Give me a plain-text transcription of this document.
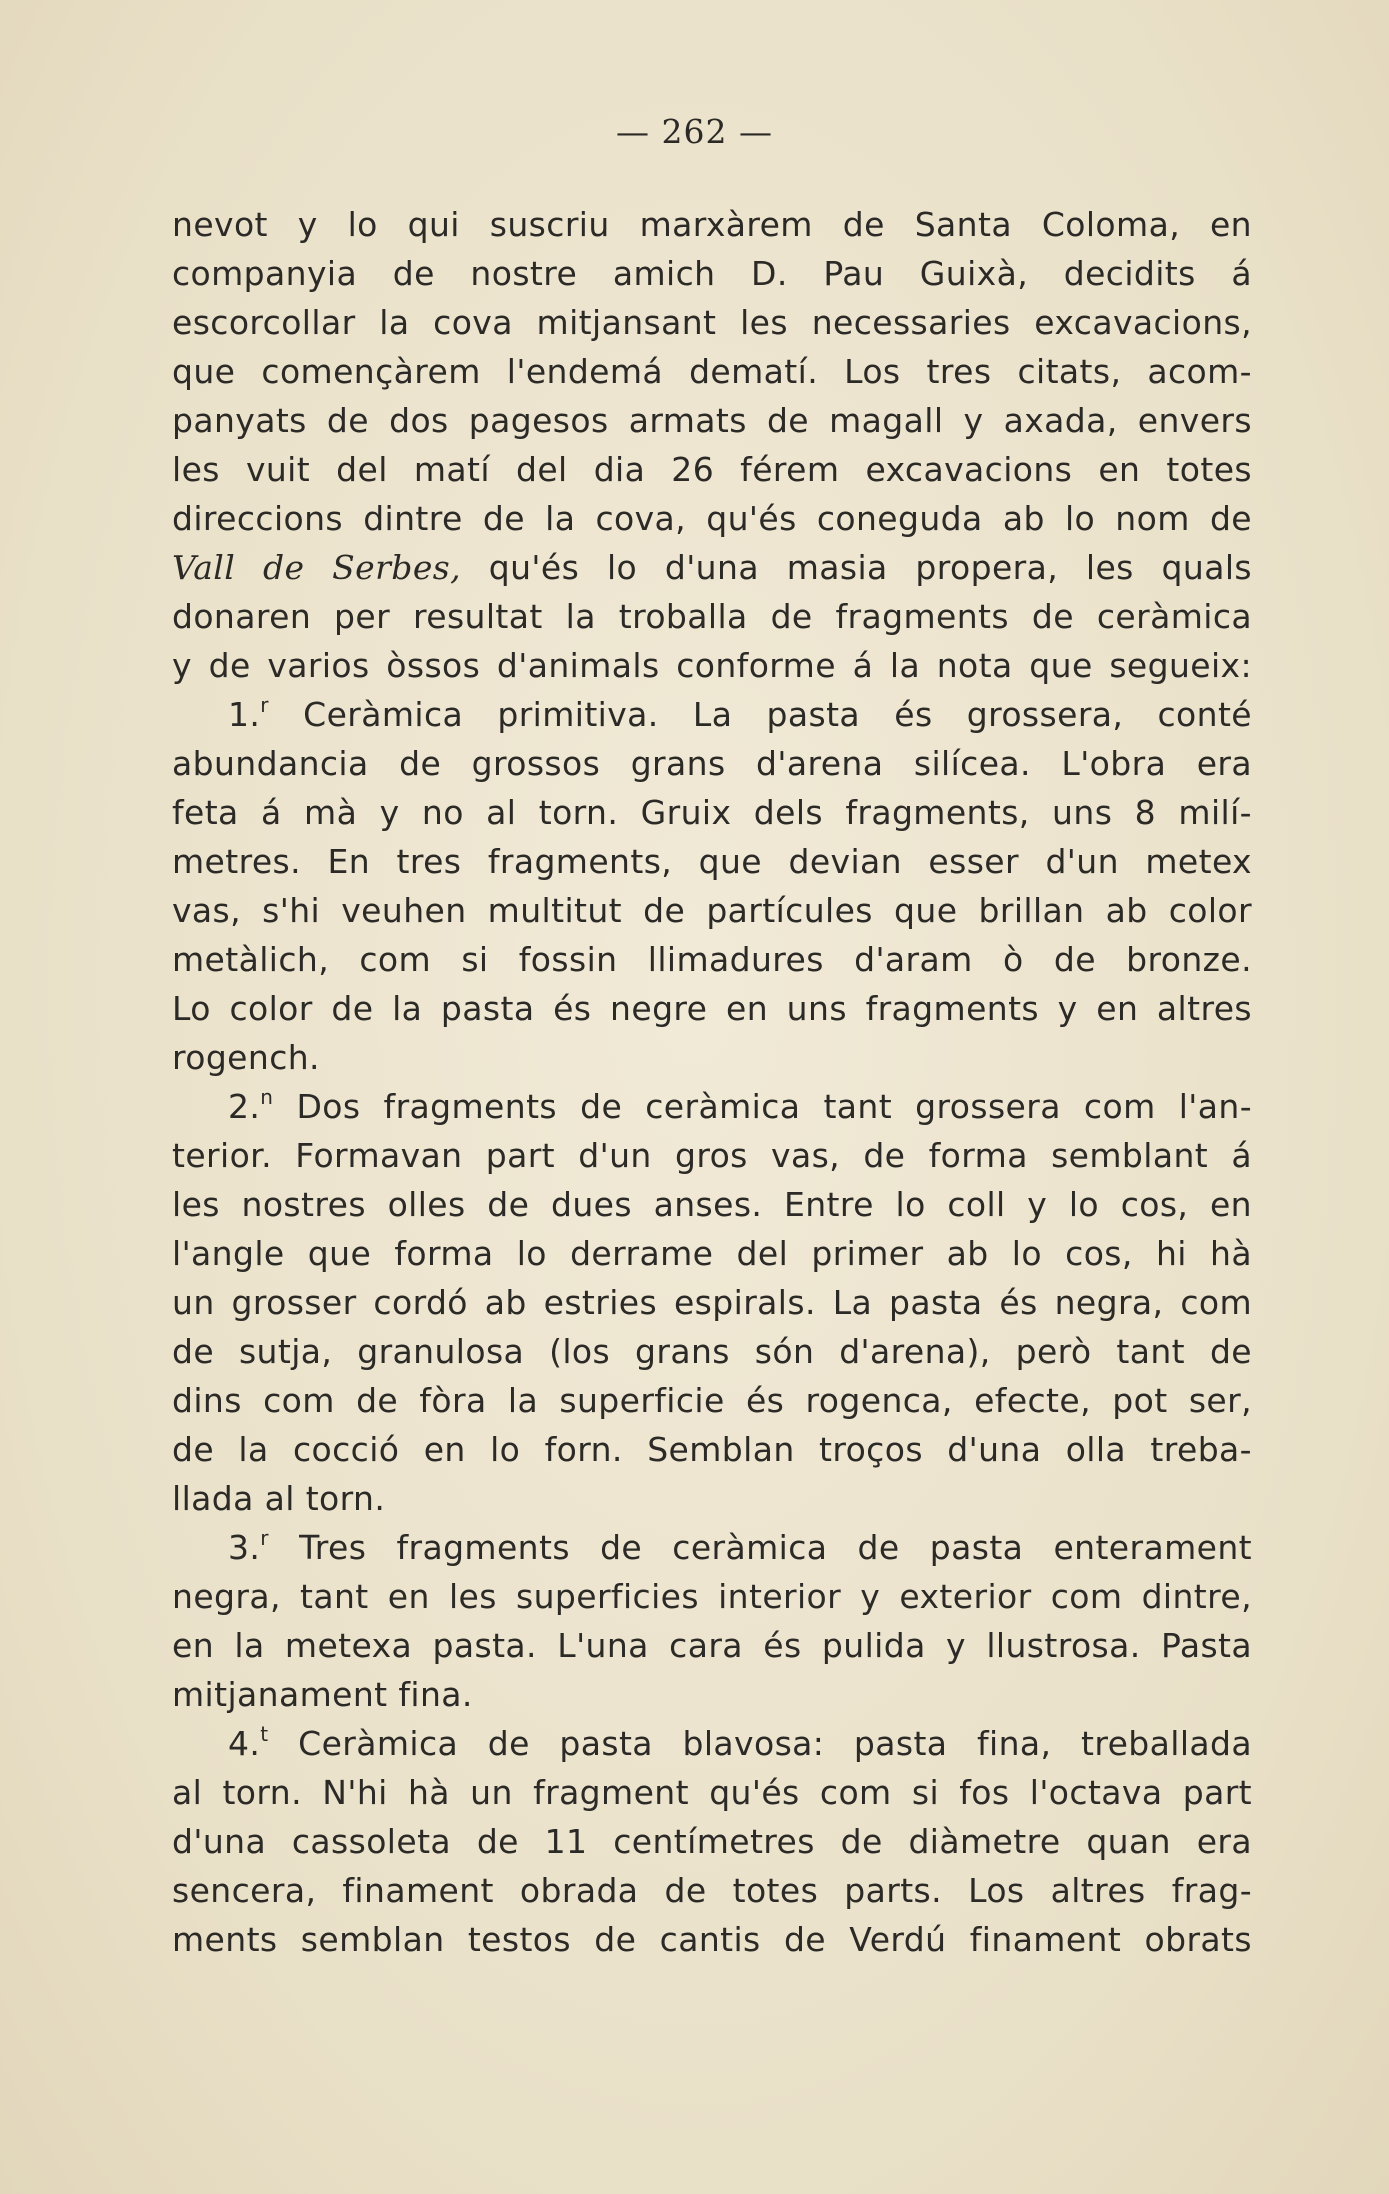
— 262 —
nevot y lo qui suscriu marxàrem de Santa Coloma, en
companyia de nostre amich D. Pau Guixà, decidits á
escorcollar la cova mitjansant les necessaries excavacions,
que començàrem l'endemá dematí. Los tres citats, acom-
panyats de dos pagesos armats de magall y axada, envers
les vuit del matí del dia 26 férem excavacions en totes
direccions dintre de la cova, qu'és coneguda ab lo nom de
Vall de Serbes, qu'és lo d'una masia propera, les quals
donaren per resultat la troballa de fragments de ceràmica
y de varios òssos d'animals conforme á la nota que segueix:
1.$^r$ Ceràmica primitiva. La pasta és grossera, conté
abundancia de grossos grans d'arena silícea. L'obra era
feta á mà y no al torn. Gruix dels fragments, uns 8 milí-
metres. En tres fragments, que devian esser d'un metex
vas, s'hi veuhen multitut de partícules que brillan ab color
metàlich, com si fossin llimadures d'aram ò de bronze.
Lo color de la pasta és negre en uns fragments y en altres
rogench.
2.$^n$ Dos fragments de ceràmica tant grossera com l'an-
terior. Formavan part d'un gros vas, de forma semblant á
les nostres olles de dues anses. Entre lo coll y lo cos, en
l'angle que forma lo derrame del primer ab lo cos, hi hà
un grosser cordó ab estries espirals. La pasta és negra, com
de sutja, granulosa (los grans són d'arena), però tant de
dins com de fòra la superficie és rogenca, efecte, pot ser,
de la cocció en lo forn. Semblan troços d'una olla treba-
llada al torn.
3.$^r$ Tres fragments de ceràmica de pasta enterament
negra, tant en les superficies interior y exterior com dintre,
en la metexa pasta. L'una cara és pulida y llustrosa. Pasta
mitjanament fina.
4.$^t$ Ceràmica de pasta blavosa: pasta fina, treballada
al torn. N'hi hà un fragment qu'és com si fos l'octava part
d'una cassoleta de 11 centímetres de diàmetre quan era
sencera, finament obrada de totes parts. Los altres frag-
ments semblan testos de cantis de Verdú finament obrats
